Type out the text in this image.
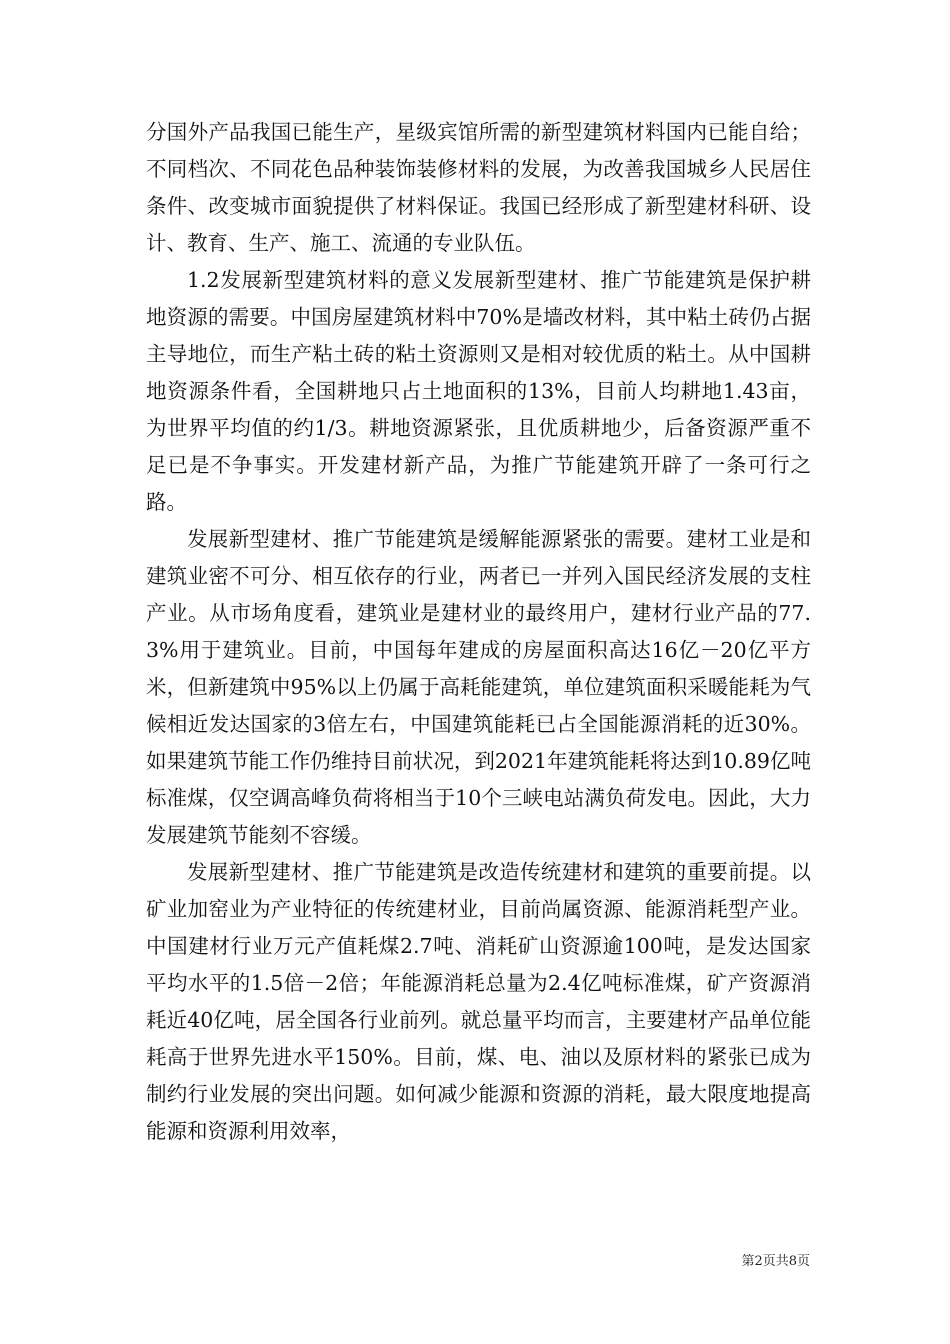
分国外产品我国已能生产，星级宾馆所需的新型建筑材料国内已能自给；不同档次、不同花色品种装饰装修材料的发展，为改善我国城乡人民居住条件、改变城市面貌提供了材料保证。我国已经形成了新型建材科研、设计、教育、生产、施工、流通的专业队伍。

1.2发展新型建筑材料的意义发展新型建材、推广节能建筑是保护耕地资源的需要。中国房屋建筑材料中70%是墙改材料，其中粘土砖仍占据主导地位，而生产粘土砖的粘土资源则又是相对较优质的粘土。从中国耕地资源条件看，全国耕地只占土地面积的13%，目前人均耕地1.43亩，为世界平均值的约1/3。耕地资源紧张，且优质耕地少，后备资源严重不足已是不争事实。开发建材新产品，为推广节能建筑开辟了一条可行之路。

发展新型建材、推广节能建筑是缓解能源紧张的需要。建材工业是和建筑业密不可分、相互依存的行业，两者已一并列入国民经济发展的支柱产业。从市场角度看，建筑业是建材业的最终用户，建材行业产品的77.3%用于建筑业。目前，中国每年建成的房屋面积高达16亿－20亿平方米，但新建筑中95%以上仍属于高耗能建筑，单位建筑面积采暖能耗为气候相近发达国家的3倍左右，中国建筑能耗已占全国能源消耗的近30%。如果建筑节能工作仍维持目前状况，到2021年建筑能耗将达到10.89亿吨标准煤，仅空调高峰负荷将相当于10个三峡电站满负荷发电。因此，大力发展建筑节能刻不容缓。

发展新型建材、推广节能建筑是改造传统建材和建筑的重要前提。以矿业加窑业为产业特征的传统建材业，目前尚属资源、能源消耗型产业。中国建材行业万元产值耗煤2.7吨、消耗矿山资源逾100吨，是发达国家平均水平的1.5倍－2倍；年能源消耗总量为2.4亿吨标准煤，矿产资源消耗近40亿吨，居全国各行业前列。就总量平均而言，主要建材产品单位能耗高于世界先进水平150%。目前，煤、电、油以及原材料的紧张已成为制约行业发展的突出问题。如何减少能源和资源的消耗，最大限度地提高能源和资源利用效率，

第2页共8页
